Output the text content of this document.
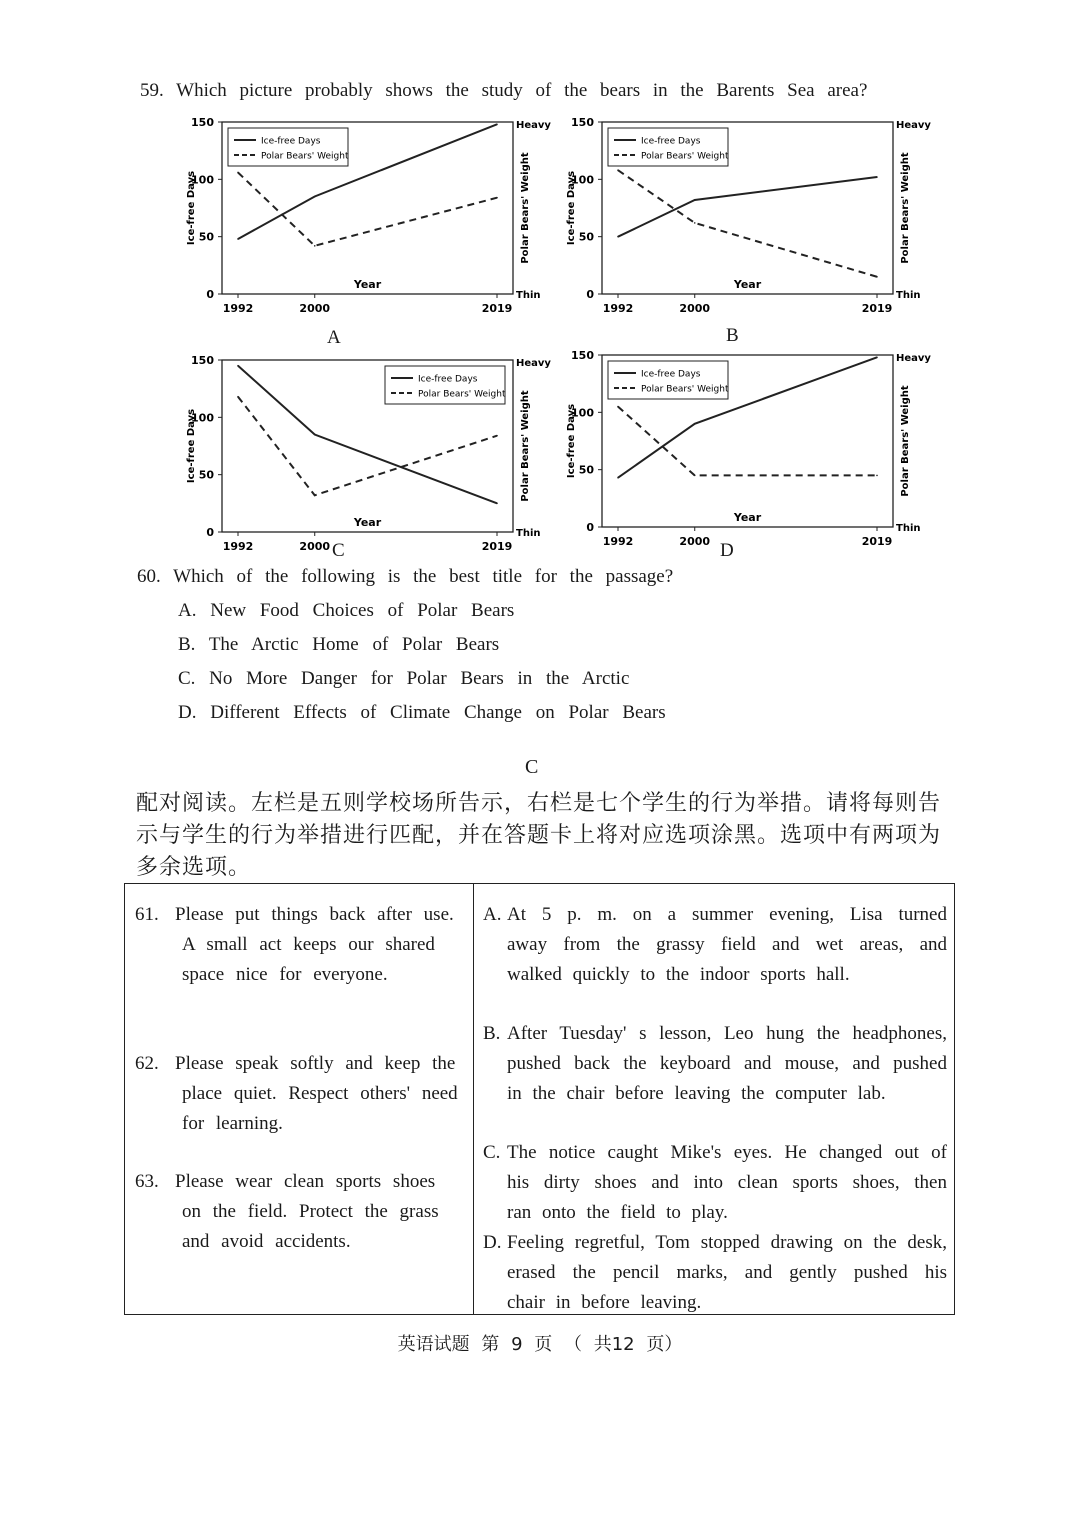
59. Which picture probably shows the study of the bears in the Barents Sea area?
150
100
50
0
1992	2000	2019
Year
Ice-free Days	Polar Bears' Weight
Heavy
Thin
Ice-free Days
Polar Bears' Weight
150
100
50
0
1992	2000	2019
Year
Ice-free Days	Polar Bears' Weight
Heavy
Thin
Ice-free Days
Polar Bears' Weight
150
100
50
0
1992	2000	2019
Year
Ice-free Days	Polar Bears' Weight
Heavy
Thin
Ice-free Days
Polar Bears' Weight
150
100
50
0
1992	2000	2019
Year
Ice-free Days	Polar Bears' Weight
Heavy
Thin
Ice-free Days
Polar Bears' Weight
A	B
C	D
60. Which of the following is the best title for the passage?
A. New Food Choices of Polar Bears
B. The Arctic Home of Polar Bears
C. No More Danger for Polar Bears in the Arctic
D. Different Effects of Climate Change on Polar Bears
C
配对阅读。左栏是五则学校场所告示，右栏是七个学生的行为举措。请将每则告示与学生的行为举措进行匹配，并在答题卡上将对应选项涂黑。选项中有两项为多余选项。
61. Please put things back after use. A small act keeps our shared space nice for everyone.
62. Please speak softly and keep the place quiet. Respect others' need for learning.
63. Please wear clean sports shoes on the field. Protect the grass and avoid accidents.
A. At 5 p. m. on a summer evening, Lisa turned away from the grassy field and wet areas, and walked quickly to the indoor sports hall.
B. After Tuesday' s lesson, Leo hung the headphones, pushed back the keyboard and mouse, and pushed in the chair before leaving the computer lab.
C. The notice caught Mike's eyes. He changed out of his dirty shoes and into clean sports shoes, then ran onto the field to play.
D. Feeling regretful, Tom stopped drawing on the desk, erased the pencil marks, and gently pushed his chair in before leaving.
英语试题 第 9 页 （ 共12 页）
